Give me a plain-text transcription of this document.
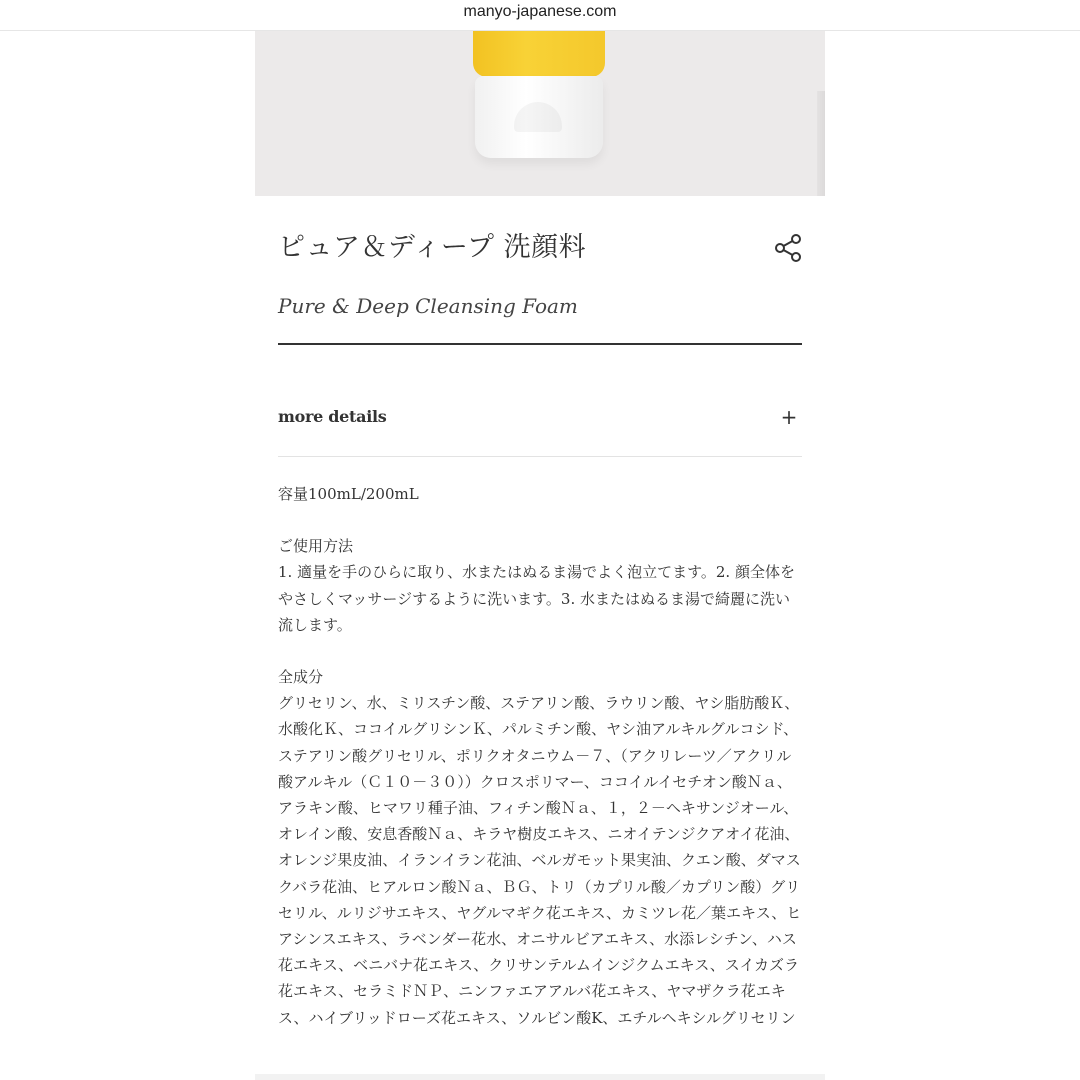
manyo-japanese.com
ピュア＆ディープ 洗顔料
Pure & Deep Cleansing Foam
more details	+

容量100mL/200mL

ご使用方法

1. 適量を手のひらに取り、水またはぬるま湯でよく泡立てます。2. 顔全体をやさしくマッサージするように洗います。3. 水またはぬるま湯で綺麗に洗い流します。

全成分

グリセリン、水、ミリスチン酸、ステアリン酸、ラウリン酸、ヤシ脂肪酸Ｋ、水酸化Ｋ、ココイルグリシンＫ、パルミチン酸、ヤシ油アルキルグルコシド、ステアリン酸グリセリル、ポリクオタニウム－７、（アクリレーツ／アクリル酸アルキル（Ｃ１０－３０））クロスポリマー、ココイルイセチオン酸Ｎａ、アラキン酸、ヒマワリ種子油、フィチン酸Ｎａ、１，２－ヘキサンジオール、オレイン酸、安息香酸Ｎａ、キラヤ樹皮エキス、ニオイテンジクアオイ花油、オレンジ果皮油、イランイラン花油、ベルガモット果実油、クエン酸、ダマスクバラ花油、ヒアルロン酸Ｎａ、ＢＧ、トリ（カプリル酸／カプリン酸）グリセリル、ルリジサエキス、ヤグルマギク花エキス、カミツレ花／葉エキス、ヒアシンスエキス、ラベンダー花水、オニサルビアエキス、水添レシチン、ハス花エキス、ベニバナ花エキス、クリサンテルムインジクムエキス、スイカズラ花エキス、セラミドＮＰ、ニンファエアアルバ花エキス、ヤマザクラ花エキス、ハイブリッドローズ花エキス、ソルビン酸K、エチルヘキシルグリセリン
